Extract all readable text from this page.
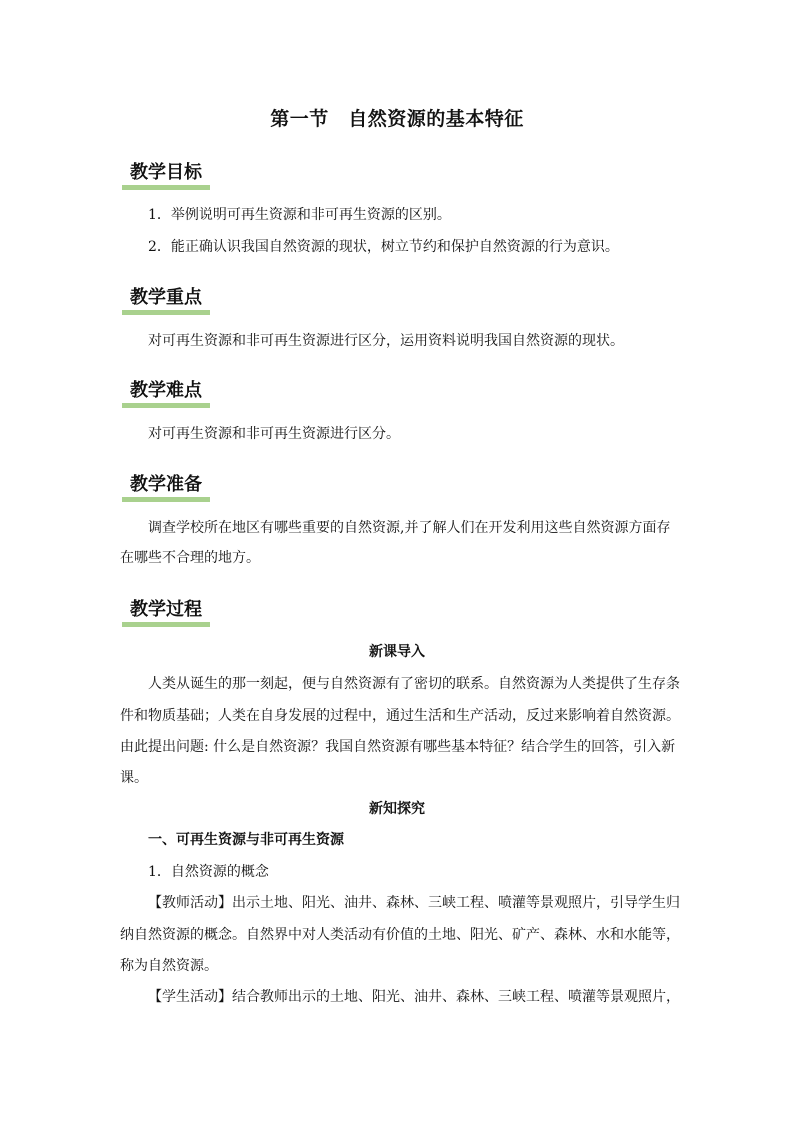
第一节　自然资源的基本特征
教学目标
1．举例说明可再生资源和非可再生资源的区别。
2．能正确认识我国自然资源的现状，树立节约和保护自然资源的行为意识。
教学重点
对可再生资源和非可再生资源进行区分，运用资料说明我国自然资源的现状。
教学难点
对可再生资源和非可再生资源进行区分。
教学准备
调查学校所在地区有哪些重要的自然资源,并了解人们在开发利用这些自然资源方面存
在哪些不合理的地方。
教学过程
新课导入
人类从诞生的那一刻起，便与自然资源有了密切的联系。自然资源为人类提供了生存条
件和物质基础；人类在自身发展的过程中，通过生活和生产活动，反过来影响着自然资源。
由此提出问题: 什么是自然资源？我国自然资源有哪些基本特征？结合学生的回答，引入新
课。
新知探究
一、可再生资源与非可再生资源
1．自然资源的概念
【教师活动】出示土地、阳光、油井、森林、三峡工程、喷灌等景观照片，引导学生归
纳自然资源的概念。自然界中对人类活动有价值的土地、阳光、矿产、森林、水和水能等，
称为自然资源。
【学生活动】结合教师出示的土地、阳光、油井、森林、三峡工程、喷灌等景观照片，
